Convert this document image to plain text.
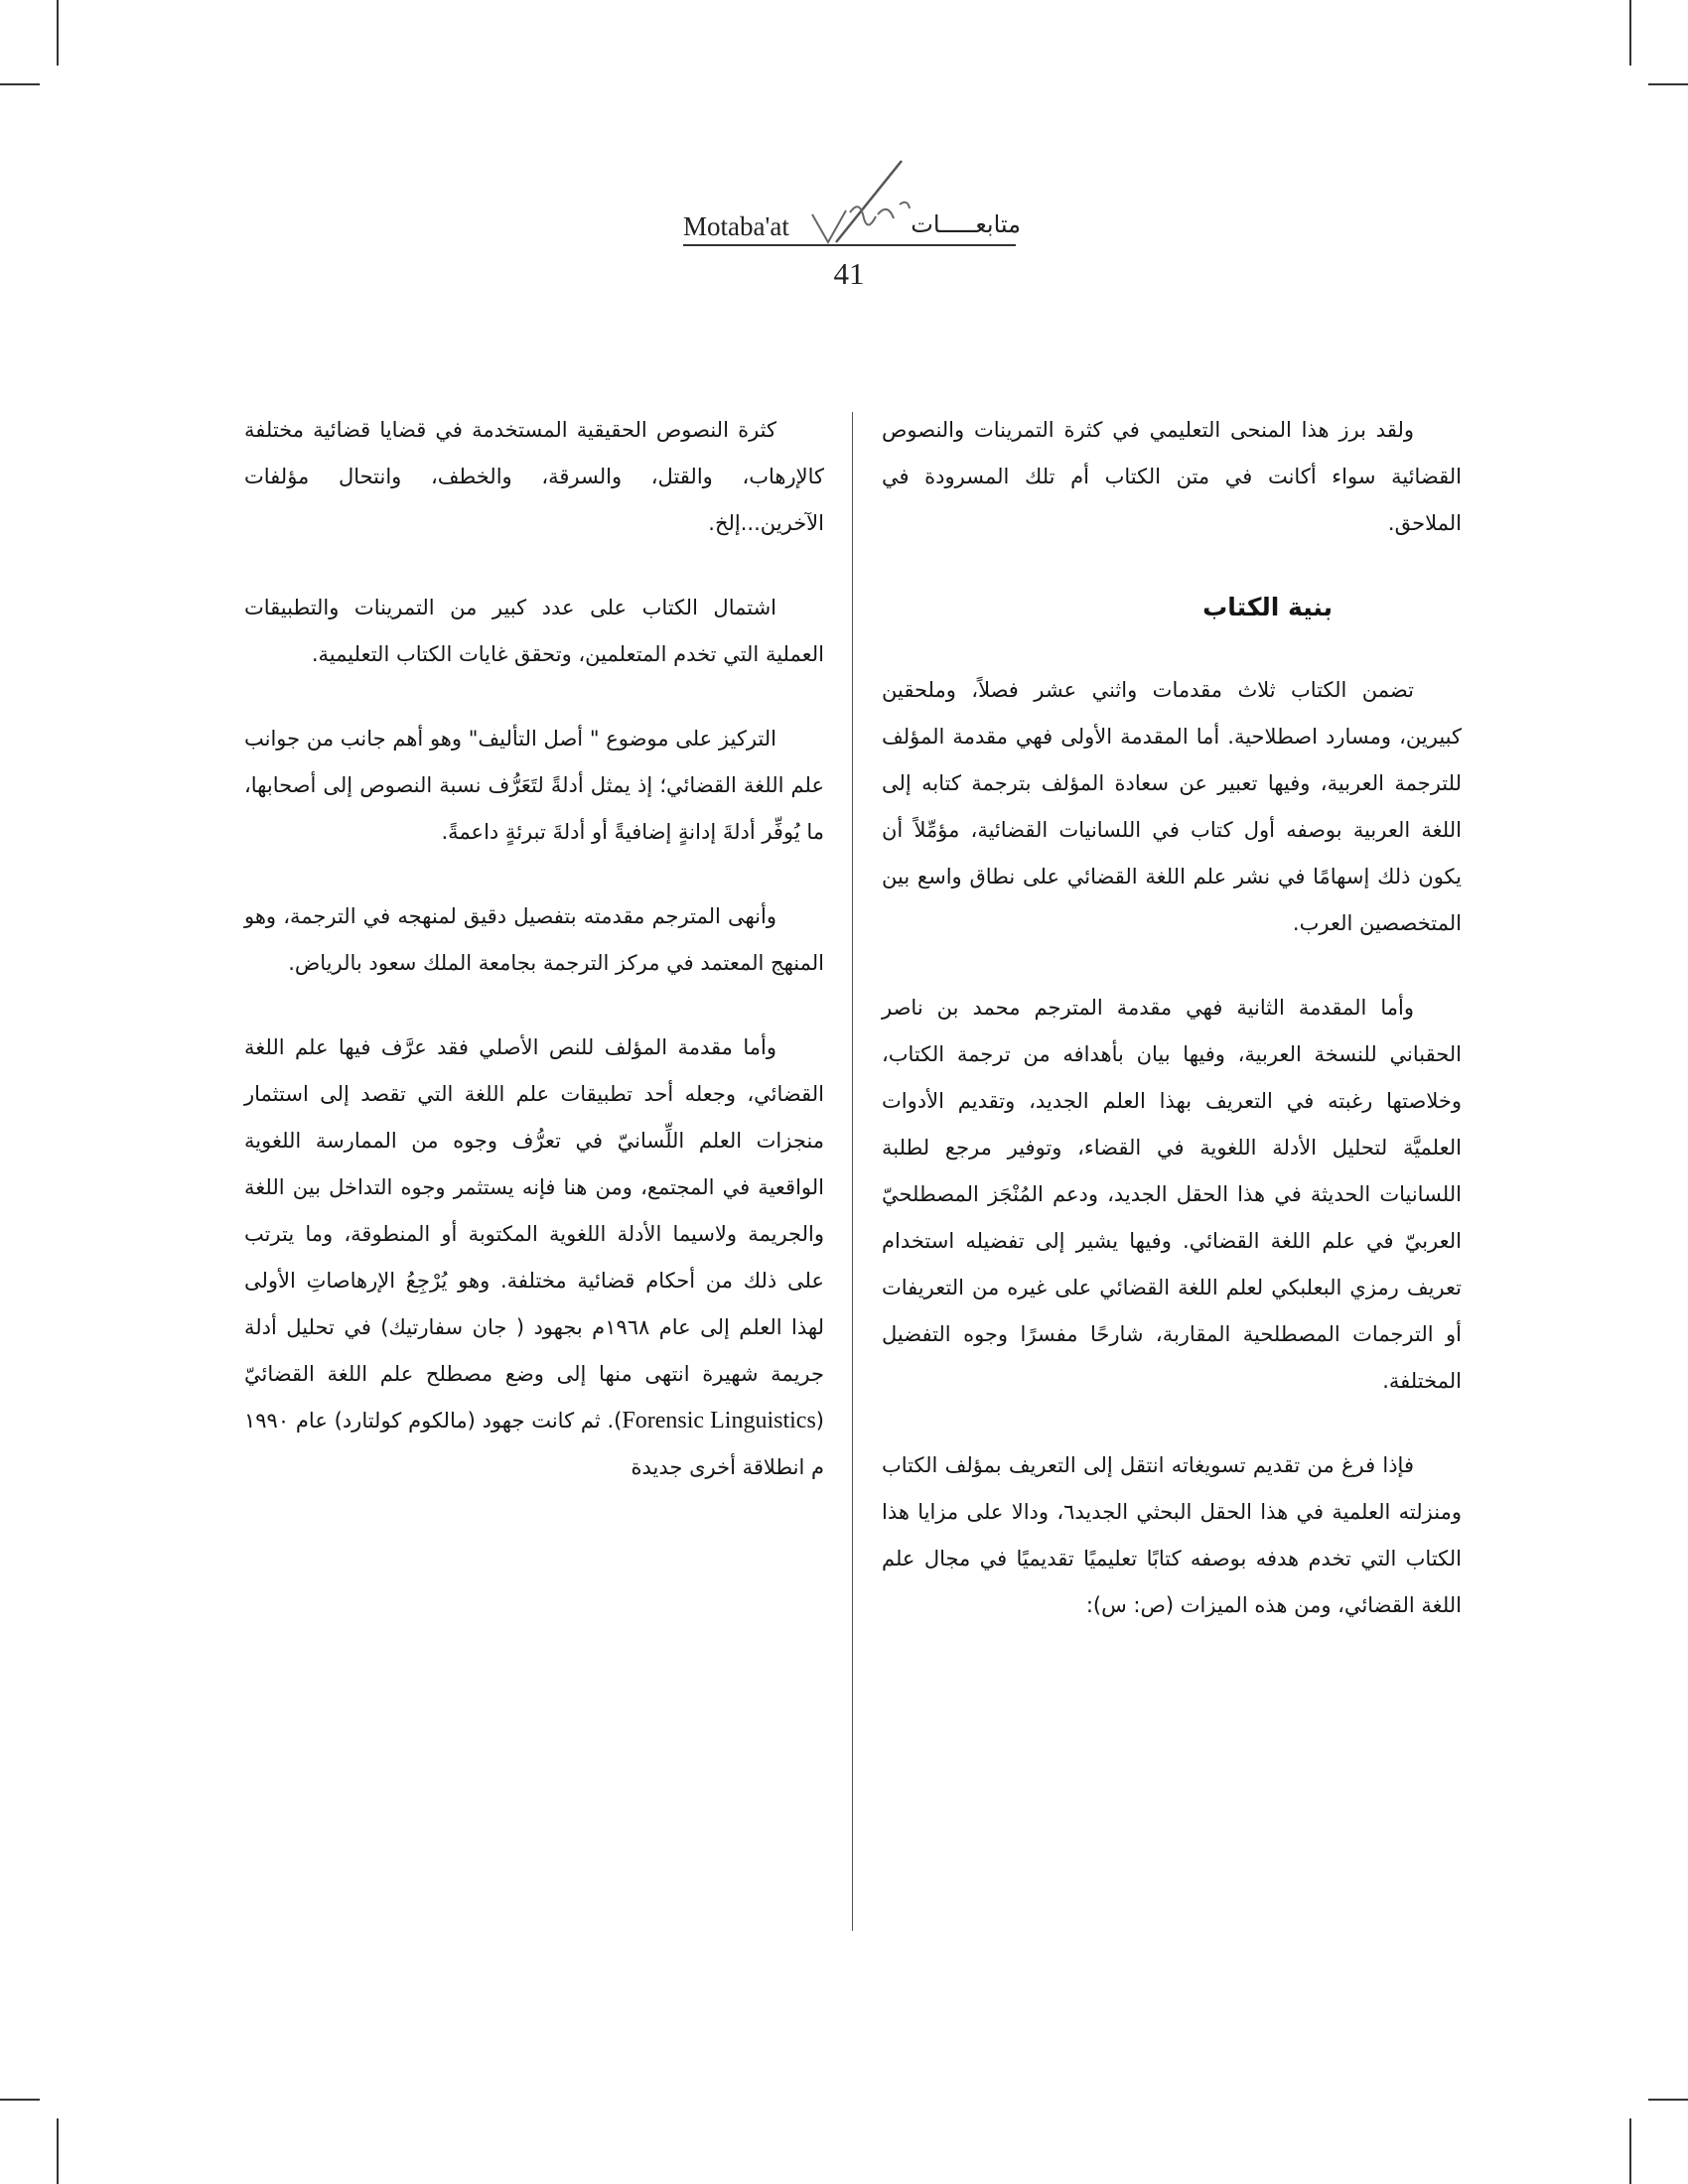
Motaba'at	متابعـــــات
41

ولقد برز هذا المنحى التعليمي في كثرة التمرينات والنصوص القضائية سواء أكانت في متن الكتاب أم تلك المسرودة في الملاحق.

بنية الكتاب

تضمن الكتاب ثلاث مقدمات واثني عشر فصلاً، وملحقين كبيرين، ومسارد اصطلاحية. أما المقدمة الأولى فهي مقدمة المؤلف للترجمة العربية، وفيها تعبير عن سعادة المؤلف بترجمة كتابه إلى اللغة العربية بوصفه أول كتاب في اللسانيات القضائية، مؤمِّلاً أن يكون ذلك إسهامًا في نشر علم اللغة القضائي على نطاق واسع بين المتخصصين العرب.

وأما المقدمة الثانية فهي مقدمة المترجم محمد بن ناصر الحقباني للنسخة العربية، وفيها بيان بأهدافه من ترجمة الكتاب، وخلاصتها رغبته في التعريف بهذا العلم الجديد، وتقديم الأدوات العلميَّة لتحليل الأدلة اللغوية في القضاء، وتوفير مرجع لطلبة اللسانيات الحديثة في هذا الحقل الجديد، ودعم المُنْجَز المصطلحيّ العربيّ في علم اللغة القضائي. وفيها يشير إلى تفضيله استخدام تعريف رمزي البعلبكي لعلم اللغة القضائي على غيره من التعريفات أو الترجمات المصطلحية المقاربة، شارحًا مفسرًا وجوه التفضيل المختلفة.

فإذا فرغ من تقديم تسويغاته انتقل إلى التعريف بمؤلف الكتاب ومنزلته العلمية في هذا الحقل البحثي الجديد٦، ودالا على مزايا هذا الكتاب التي تخدم هدفه بوصفه كتابًا تعليميًا تقديميًا في مجال علم اللغة القضائي، ومن هذه الميزات (ص: س):

كثرة النصوص الحقيقية المستخدمة في قضايا قضائية مختلفة كالإرهاب، والقتل، والسرقة، والخطف، وانتحال مؤلفات الآخرين...إلخ.

اشتمال الكتاب على عدد كبير من التمرينات والتطبيقات العملية التي تخدم المتعلمين، وتحقق غايات الكتاب التعليمية.

التركيز على موضوع " أصل التأليف" وهو أهم جانب من جوانب علم اللغة القضائي؛ إذ يمثل أدلةً لتَعَرُّف نسبة النصوص إلى أصحابها، ما يُوفِّر أدلةَ إدانةٍ إضافيةً أو أدلةَ تبرئةٍ داعمةً.

وأنهى المترجم مقدمته بتفصيل دقيق لمنهجه في الترجمة، وهو المنهج المعتمد في مركز الترجمة بجامعة الملك سعود بالرياض.

وأما مقدمة المؤلف للنص الأصلي فقد عرَّف فيها علم اللغة القضائي، وجعله أحد تطبيقات علم اللغة التي تقصد إلى استثمار منجزات العلم اللِّسانيّ في تعرُّف وجوه من الممارسة اللغوية الواقعية في المجتمع، ومن هنا فإنه يستثمر وجوه التداخل بين اللغة والجريمة ولاسيما الأدلة اللغوية المكتوبة أو المنطوقة، وما يترتب على ذلك من أحكام قضائية مختلفة. وهو يُرْجِعُ الإرهاصاتِ الأولى لهذا العلم إلى عام ١٩٦٨م بجهود ( جان سفارتيك) في تحليل أدلة جريمة شهيرة انتهى منها إلى وضع مصطلح علم اللغة القضائيّ (Forensic Linguistics). ثم كانت جهود (مالكوم كولتارد) عام ١٩٩٠ م انطلاقة أخرى جديدة
